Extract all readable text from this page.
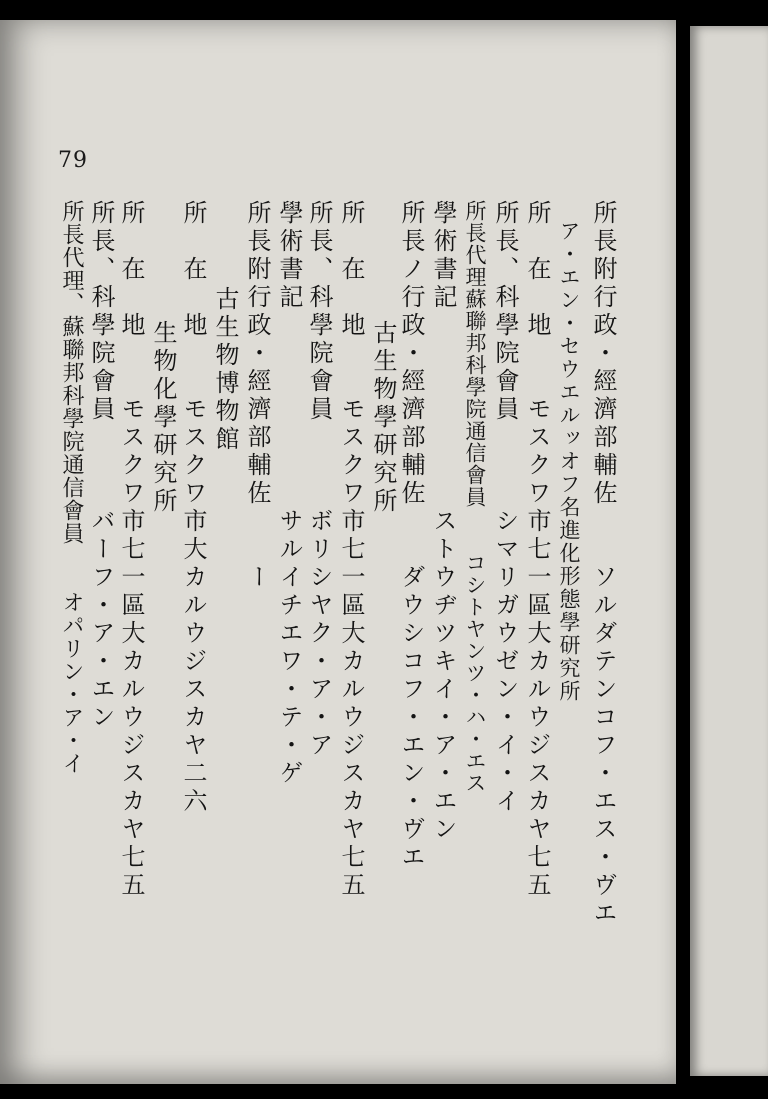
79
所長附行政・經濟部輔佐　　ソルダテンコフ・エス・ヴエ
ア・エン・セウエルッオフ名進化形態學研究所
所　在　地　　モスクワ市七一區大カルウジスカヤ七五
所長、科學院會員　　　シマリガウゼン・イ・イ
所長代理蘇聯邦科學院通信會員　　コシトヤンツ・ハ・エス
學術書記　　　　　　　ストウヂツキイ・ア・エン
所長ノ行政・經濟部輔佐　　ダウシコフ・エン・ヴエ
古生物學研究所
所　在　地　　モスクワ市七一區大カルウジスカヤ七五
所長、科學院會員　　　ボリシヤク・ア・ア
學術書記　　　　　　　サルイチエワ・テ・ゲ
所長附行政・經濟部輔佐　　ー
古生物博物館
所　在　地　　モスクワ市大カルウジスカヤ二六
生物化學研究所
所　在　地　　モスクワ市七一區大カルウジスカヤ七五
所長、科學院會員　　　バーフ・ア・エン
所長代理、蘇聯邦科學院通信會員　　オパリン・ア・イ
